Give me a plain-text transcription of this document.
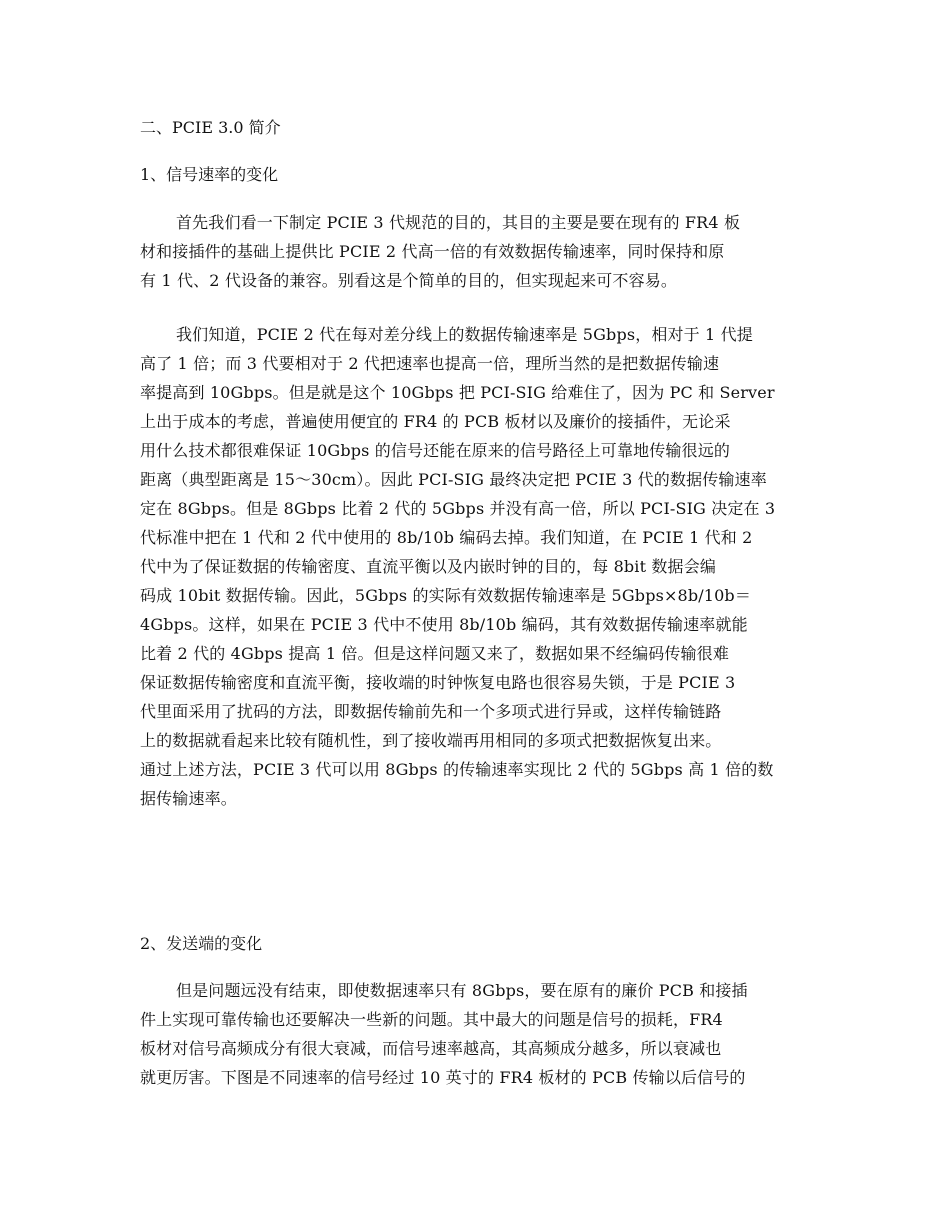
二、PCIE 3.0 简介
1、信号速率的变化
首先我们看一下制定 PCIE 3 代规范的目的，其目的主要是要在现有的 FR4 板
材和接插件的基础上提供比 PCIE 2 代高一倍的有效数据传输速率，同时保持和原
有 1 代、2 代设备的兼容。别看这是个简单的目的，但实现起来可不容易。
我们知道，PCIE 2 代在每对差分线上的数据传输速率是 5Gbps，相对于 1 代提
高了 1 倍；而 3 代要相对于 2 代把速率也提高一倍，理所当然的是把数据传输速
率提高到 10Gbps。但是就是这个 10Gbps 把 PCI-SIG 给难住了，因为 PC 和 Server
上出于成本的考虑，普遍使用便宜的 FR4 的 PCB 板材以及廉价的接插件，无论采
用什么技术都很难保证 10Gbps 的信号还能在原来的信号路径上可靠地传输很远的
距离（典型距离是 15～30cm）。因此 PCI-SIG 最终决定把 PCIE 3 代的数据传输速率
定在 8Gbps。但是 8Gbps 比着 2 代的 5Gbps 并没有高一倍，所以 PCI-SIG 决定在 3
代标准中把在 1 代和 2 代中使用的 8b/10b 编码去掉。我们知道，在 PCIE 1 代和 2
代中为了保证数据的传输密度、直流平衡以及内嵌时钟的目的，每 8bit 数据会编
码成 10bit 数据传输。因此，5Gbps 的实际有效数据传输速率是 5Gbps×8b/10b＝
4Gbps。这样，如果在 PCIE 3 代中不使用 8b/10b 编码，其有效数据传输速率就能
比着 2 代的 4Gbps 提高 1 倍。但是这样问题又来了，数据如果不经编码传输很难
保证数据传输密度和直流平衡，接收端的时钟恢复电路也很容易失锁，于是 PCIE 3
代里面采用了扰码的方法，即数据传输前先和一个多项式进行异或，这样传输链路
上的数据就看起来比较有随机性，到了接收端再用相同的多项式把数据恢复出来。
通过上述方法，PCIE 3 代可以用 8Gbps 的传输速率实现比 2 代的 5Gbps 高 1 倍的数
据传输速率。
2、发送端的变化
但是问题远没有结束，即使数据速率只有 8Gbps，要在原有的廉价 PCB 和接插
件上实现可靠传输也还要解决一些新的问题。其中最大的问题是信号的损耗，FR4
板材对信号高频成分有很大衰减，而信号速率越高，其高频成分越多，所以衰减也
就更厉害。下图是不同速率的信号经过 10 英寸的 FR4 板材的 PCB 传输以后信号的
